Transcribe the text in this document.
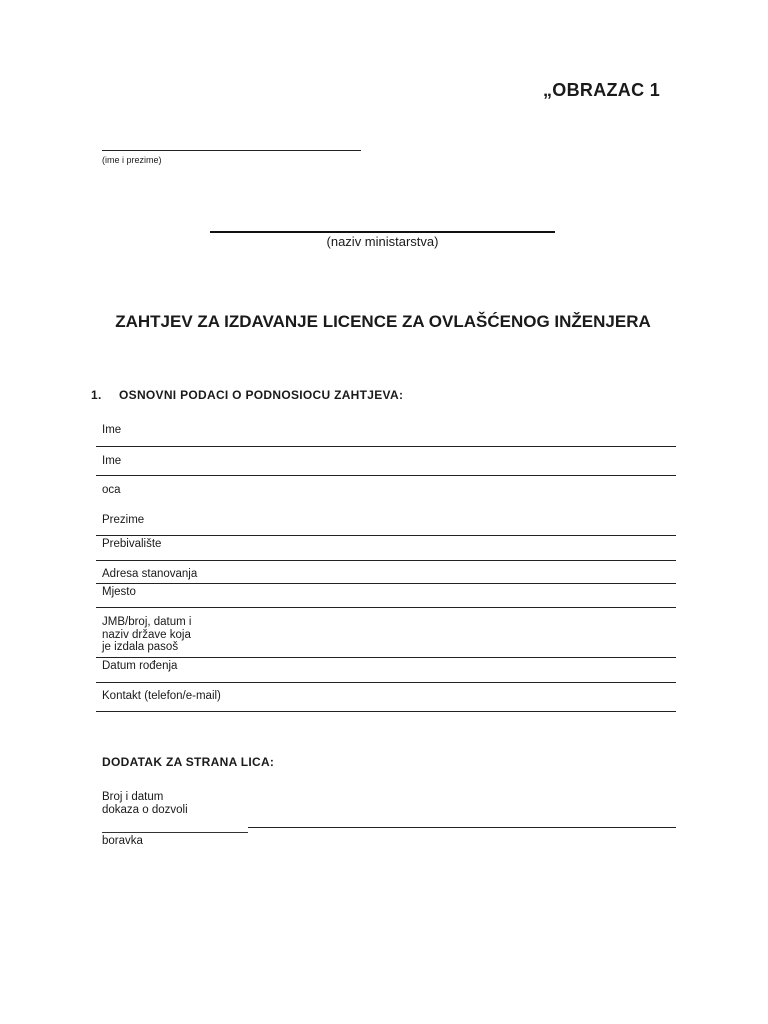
„OBRAZAC 1
(ime i prezime)
(naziv ministarstva)
ZAHTJEV ZA IZDAVANJE LICENCE ZA OVLAŠĆENOG INŽENJERA
1. OSNOVNI PODACI O PODNOSIOCU ZAHTJEVA:
Ime
Ime
oca
Prezime
Prebivalište
Adresa stanovanja
Mjesto
JMB/broj, datum i
naziv države koja
je izdala pasoš
Datum rođenja
Kontakt (telefon/e-mail)
DODATAK ZA STRANA LICA:
Broj i datum
dokaza o dozvoli
boravka
